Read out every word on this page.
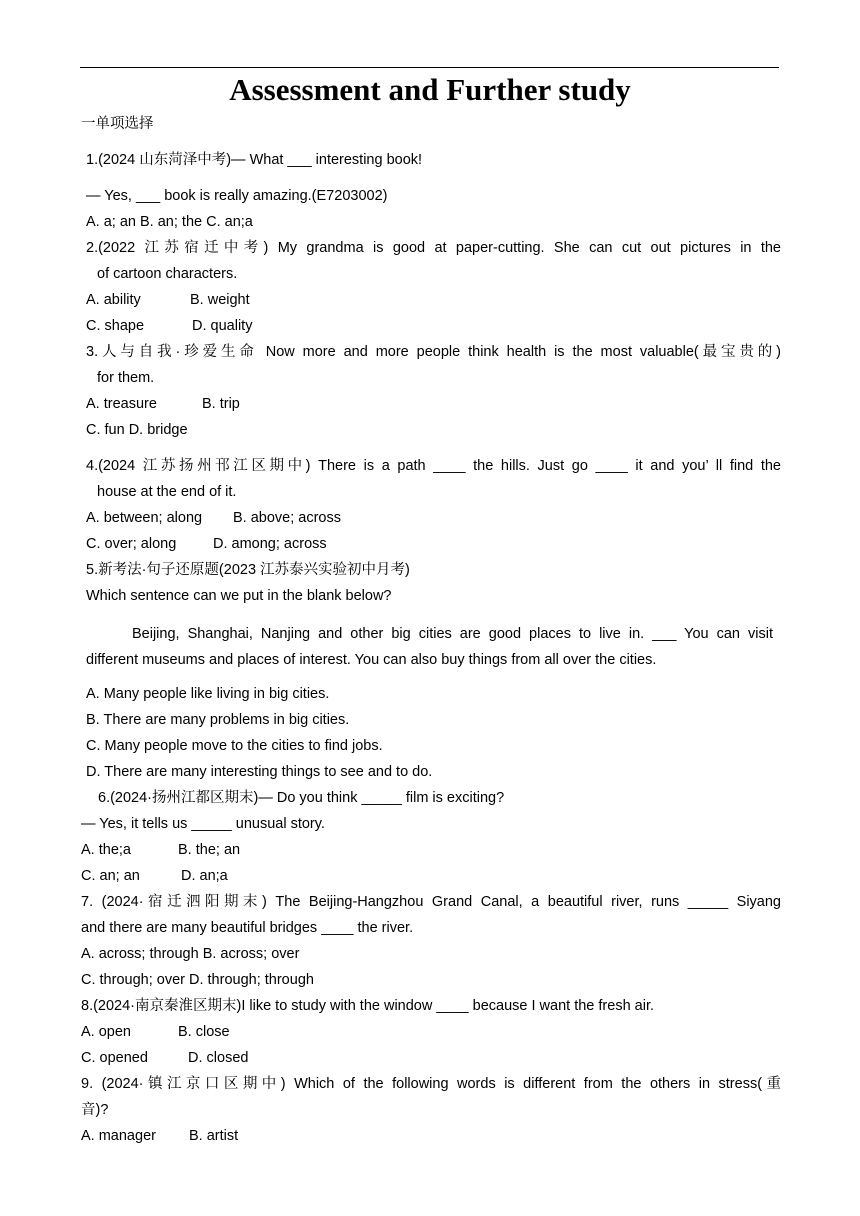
Assessment and Further study
一单项选择
1.(2024 山东菏泽中考)— What ___ interesting book!
— Yes, ___ book is really amazing.(E7203002)
A. a; an B. an; the C. an;a
2.(2022 江苏宿迁中考) My grandma is good at paper-cutting. She can cut out pictures in the
of cartoon characters.
A. ability	B. weight
C. shape	D. quality
3.人与自我·珍爱生命 Now more and more people think health is the most valuable(最宝贵的)
for them.
A. treasure	B. trip
C. fun D. bridge
4.(2024 江苏扬州邗江区期中) There is a path ____ the hills. Just go ____ it and you’ ll find the
house at the end of it.
A. between; along B. above; across
C. over; along	D. among; across
5.新考法·句子还原题(2023 江苏泰兴实验初中月考)
Which sentence can we put in the blank below?
Beijing, Shanghai, Nanjing and other big cities are good places to live in. ___ You can visit
different museums and places of interest. You can also buy things from all over the cities.
A. Many people like living in big cities.
B. There are many problems in big cities.
C. Many people move to the cities to find jobs.
D. There are many interesting things to see and to do.
6.(2024·扬州江都区期末)— Do you think _____ film is exciting?
— Yes, it tells us _____ unusual story.
A. the;a	B. the; an
C. an; an	D. an;a
7. (2024·宿迁泗阳期末) The Beijing-Hangzhou Grand Canal, a beautiful river, runs _____ Siyang
and there are many beautiful bridges ____ the river.
A. across; through B. across; over
C. through; over D. through; through
8.(2024·南京秦淮区期末)I like to study with the window ____ because I want the fresh air.
A. open	B. close
C. opened	D. closed
9. (2024·镇江京口区期中) Which of the following words is different from the others in stress(重
音)?
A. manager B. artist
